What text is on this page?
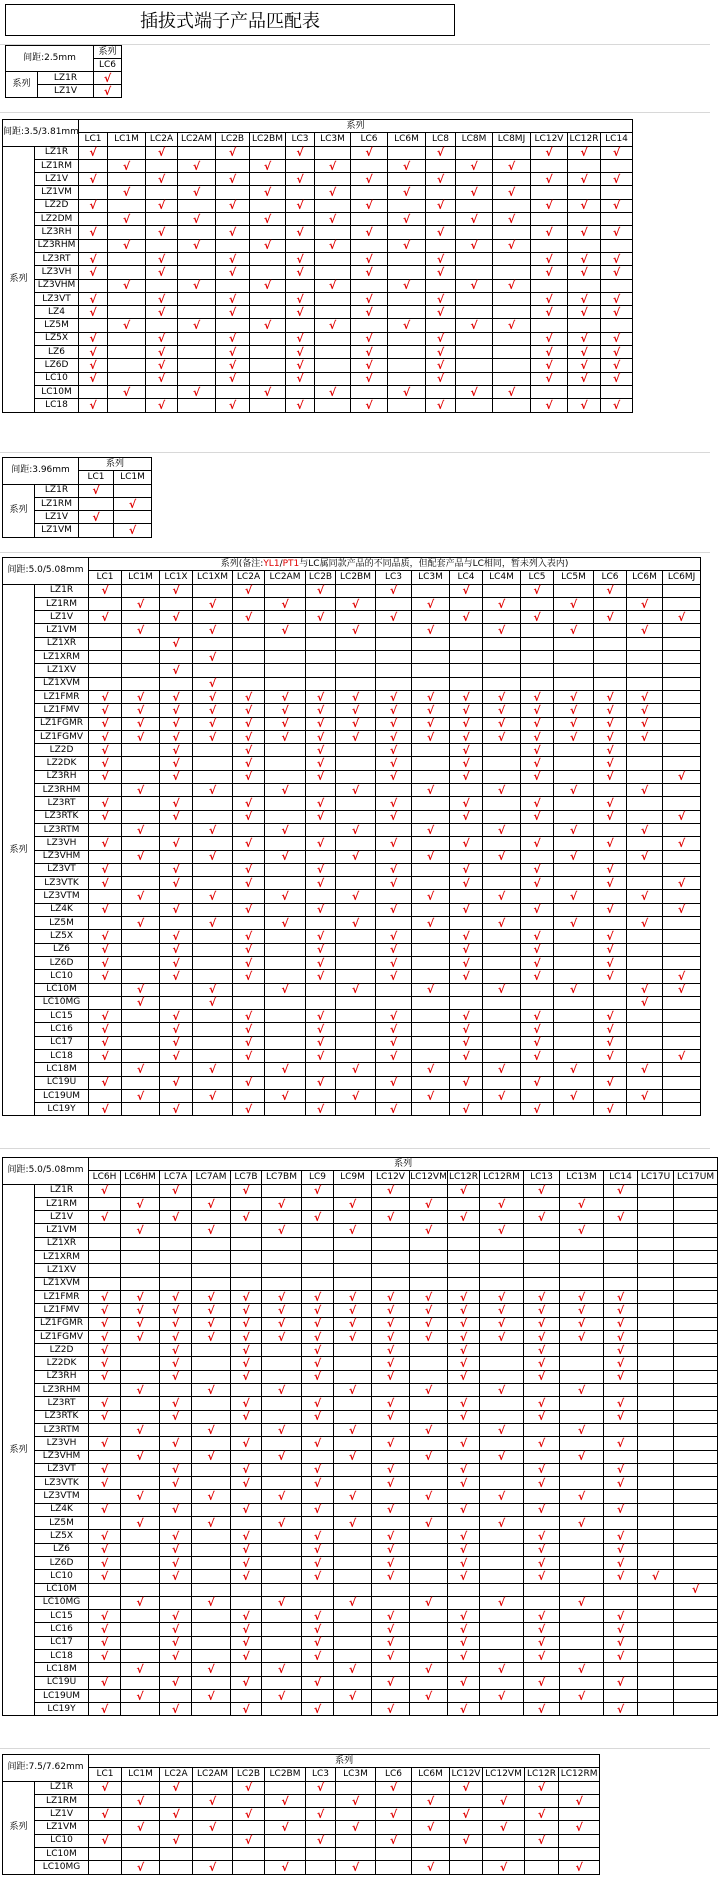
插拔式端子产品匹配表
间距:2.5mm		系列
		LC6
系列	LZ1R	√
	LZ1V	√
间距:3.5/3.81mm		系列															
		LC1	LC1M	LC2A	LC2AM	LC2B	LC2BM	LC3	LC3M	LC6	LC6M	LC8	LC8M	LC8MJ	LC12V	LC12R	LC14
系列	LZ1R	√		√		√		√		√		√			√	√	√
	LZ1RM		√		√		√		√		√		√	√			
	LZ1V	√		√		√		√		√		√			√	√	√
	LZ1VM		√		√		√		√		√		√	√			
	LZ2D	√		√		√		√		√		√			√	√	√
	LZ2DM		√		√		√		√		√		√	√			
	LZ3RH	√		√		√		√		√		√			√	√	√
	LZ3RHM		√		√		√		√		√		√	√			
	LZ3RT	√		√		√		√		√		√			√	√	√
	LZ3VH	√		√		√		√		√		√			√	√	√
	LZ3VHM		√		√		√		√		√		√	√			
	LZ3VT	√		√		√		√		√		√			√	√	√
	LZ4	√		√		√		√		√		√			√	√	√
	LZ5M		√		√		√		√		√		√	√			
	LZ5X	√		√		√		√		√		√			√	√	√
	LZ6	√		√		√		√		√		√			√	√	√
	LZ6D	√		√		√		√		√		√			√	√	√
	LC10	√		√		√		√		√		√			√	√	√
	LC10M		√		√		√		√		√		√	√			
	LC18	√		√		√		√		√		√			√	√	√
间距:3.96mm		系列	
		LC1	LC1M
系列	LZ1R	√	
	LZ1RM		√
	LZ1V	√	
	LZ1VM		√
间距:5.0/5.08mm		系列(备注:YL1/PT1与LC属同款产品的不同品质，但配套产品与LC相同，暂未列入表内)																
		LC1	LC1M	LC1X	LC1XM	LC2A	LC2AM	LC2B	LC2BM	LC3	LC3M	LC4	LC4M	LC5	LC5M	LC6	LC6M	LC6MJ
系列	LZ1R	√		√		√		√		√		√		√		√		
	LZ1RM		√		√		√		√		√		√		√		√	
	LZ1V	√		√		√		√		√		√		√		√		√
	LZ1VM		√		√		√		√		√		√		√		√	
	LZ1XR			√														
	LZ1XRM				√													
	LZ1XV			√														
	LZ1XVM				√													
	LZ1FMR	√	√	√	√	√	√	√	√	√	√	√	√	√	√	√	√	
	LZ1FMV	√	√	√	√	√	√	√	√	√	√	√	√	√	√	√	√	
	LZ1FGMR	√	√	√	√	√	√	√	√	√	√	√	√	√	√	√	√	
	LZ1FGMV	√	√	√	√	√	√	√	√	√	√	√	√	√	√	√	√	
	LZ2D	√		√		√		√		√		√		√		√		
	LZ2DK	√		√		√		√		√		√		√		√		
	LZ3RH	√		√		√		√		√		√		√		√		√
	LZ3RHM		√		√		√		√		√		√		√		√	
	LZ3RT	√		√		√		√		√		√		√		√		
	LZ3RTK	√		√		√		√		√		√		√		√		√
	LZ3RTM		√		√		√		√		√		√		√		√	
	LZ3VH	√		√		√		√		√		√		√		√		√
	LZ3VHM		√		√		√		√		√		√		√		√	
	LZ3VT	√		√		√		√		√		√		√		√		
	LZ3VTK	√		√		√		√		√		√		√		√		√
	LZ3VTM		√		√		√		√		√		√		√		√	
	LZ4K	√		√		√		√		√		√		√		√		√
	LZ5M		√		√		√		√		√		√		√		√	
	LZ5X	√		√		√		√		√		√		√		√		
	LZ6	√		√		√		√		√		√		√		√		
	LZ6D	√		√		√		√		√		√		√		√		
	LC10	√		√		√		√		√		√		√		√		√
	LC10M		√		√		√		√		√		√		√		√	√
	LC10MG		√		√												√	
	LC15	√		√		√		√		√		√		√		√		
	LC16	√		√		√		√		√		√		√		√		
	LC17	√		√		√		√		√		√		√		√		
	LC18	√		√		√		√		√		√		√		√		√
	LC18M		√		√		√		√		√		√		√		√	
	LC19U	√		√		√		√		√		√		√		√		
	LC19UM		√		√		√		√		√		√		√		√	
	LC19Y	√		√		√		√		√		√		√		√		
间距:5.0/5.08mm		系列																
		LC6H	LC6HM	LC7A	LC7AM	LC7B	LC7BM	LC9	LC9M	LC12V	LC12VM	LC12R	LC12RM	LC13	LC13M	LC14	LC17U	LC17UM
系列	LZ1R	√		√		√		√		√		√		√		√		
	LZ1RM		√		√		√		√		√		√		√			
	LZ1V	√		√		√		√		√		√		√		√		
	LZ1VM		√		√		√		√		√		√		√			
	LZ1XR																	
	LZ1XRM																	
	LZ1XV																	
	LZ1XVM																	
	LZ1FMR	√	√	√	√	√	√	√	√	√	√	√	√	√	√	√		
	LZ1FMV	√	√	√	√	√	√	√	√	√	√	√	√	√	√	√		
	LZ1FGMR	√	√	√	√	√	√	√	√	√	√	√	√	√	√	√		
	LZ1FGMV	√	√	√	√	√	√	√	√	√	√	√	√	√	√	√		
	LZ2D	√		√		√		√		√		√		√		√		
	LZ2DK	√		√		√		√		√		√		√		√		
	LZ3RH	√		√		√		√		√		√		√		√		
	LZ3RHM		√		√		√		√		√		√		√			
	LZ3RT	√		√		√		√		√		√		√		√		
	LZ3RTK	√		√		√		√		√		√		√		√		
	LZ3RTM		√		√		√		√		√		√		√			
	LZ3VH	√		√		√		√		√		√		√		√		
	LZ3VHM		√		√		√		√		√		√		√			
	LZ3VT	√		√		√		√		√		√		√		√		
	LZ3VTK	√		√		√		√		√		√		√		√		
	LZ3VTM		√		√		√		√		√		√		√			
	LZ4K	√		√		√		√		√		√		√		√		
	LZ5M		√		√		√		√		√		√		√			
	LZ5X	√		√		√		√		√		√		√		√		
	LZ6	√		√		√		√		√		√		√		√		
	LZ6D	√		√		√		√		√		√		√		√		
	LC10	√		√		√		√		√		√		√		√	√	
	LC10M																	√
	LC10MG		√		√		√		√		√		√		√			
	LC15	√		√		√		√		√		√		√		√		
	LC16	√		√		√		√		√		√		√		√		
	LC17	√		√		√		√		√		√		√		√		
	LC18	√		√		√		√		√		√		√		√		
	LC18M		√		√		√		√		√		√		√			
	LC19U	√		√		√		√		√		√		√		√		
	LC19UM		√		√		√		√		√		√		√			
	LC19Y	√		√		√		√		√		√		√		√		
间距:7.5/7.62mm		系列													
		LC1	LC1M	LC2A	LC2AM	LC2B	LC2BM	LC3	LC3M	LC6	LC6M	LC12V	LC12VM	LC12R	LC12RM
系列	LZ1R	√		√		√		√		√		√		√	
	LZ1RM		√		√		√		√		√		√		√
	LZ1V	√		√		√		√		√		√		√	
	LZ1VM		√		√		√		√		√		√		√
	LC10	√		√		√		√		√		√		√	
	LC10M														
	LC10MG		√		√		√		√		√		√		√
